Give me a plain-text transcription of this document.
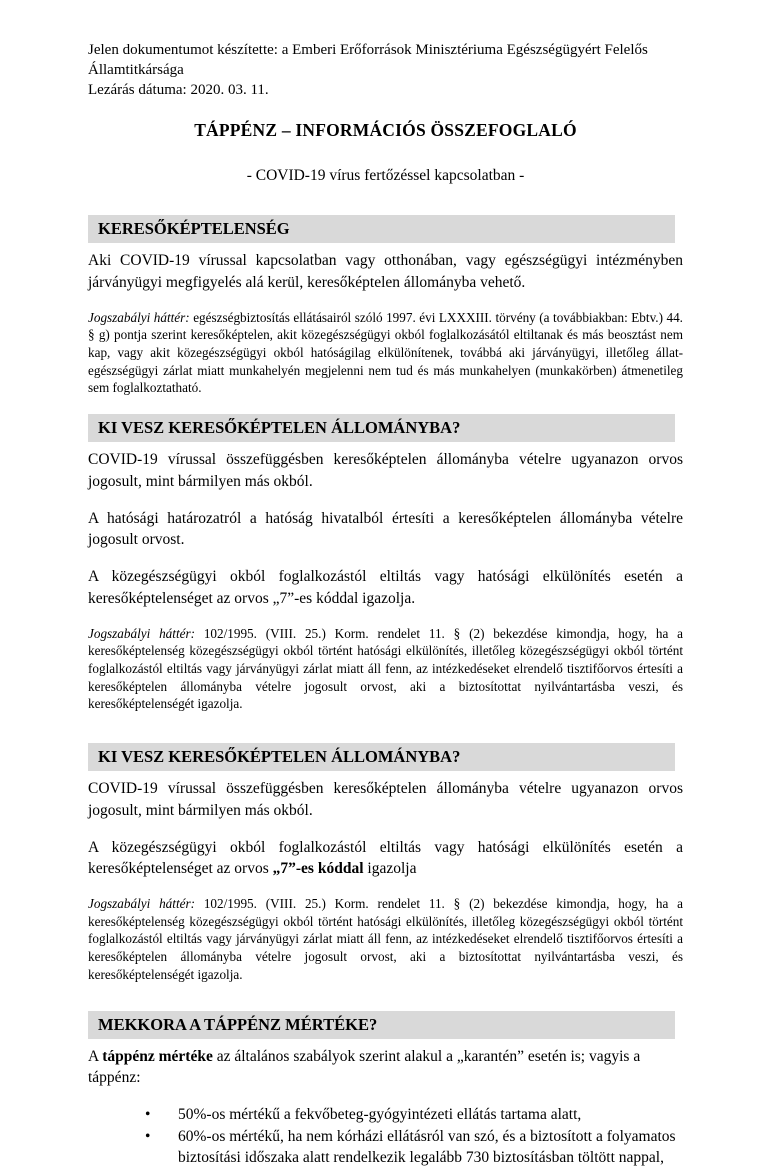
Jelen dokumentumot készítette: a Emberi Erőforrások Minisztériuma Egészségügyért Felelős Államtitkársága
Lezárás dátuma: 2020. 03. 11.
TÁPPÉNZ – INFORMÁCIÓS ÖSSZEFOGLALÓ
- COVID-19 vírus fertőzéssel kapcsolatban -
KERESŐKÉPTELENSÉG

Aki COVID-19 vírussal kapcsolatban vagy otthonában, vagy egészségügyi intézményben járványügyi megfigyelés alá kerül, keresőképtelen állományba vehető.

Jogszabályi háttér: egészségbiztosítás ellátásairól szóló 1997. évi LXXXIII. törvény (a továbbiakban: Ebtv.) 44. § g) pontja szerint keresőképtelen, akit közegészségügyi okból foglalkozásától eltiltanak és más beosztást nem kap, vagy akit közegészségügyi okból hatóságilag elkülönítenek, továbbá aki járványügyi, illetőleg állat-egészségügyi zárlat miatt munkahelyén megjelenni nem tud és más munkahelyen (munkakörben) átmenetileg sem foglalkoztatható.

KI VESZ KERESŐKÉPTELEN ÁLLOMÁNYBA?

COVID-19 vírussal összefüggésben keresőképtelen állományba vételre ugyanazon orvos jogosult, mint bármilyen más okból.

A hatósági határozatról a hatóság hivatalból értesíti a keresőképtelen állományba vételre jogosult orvost.

A közegészségügyi okból foglalkozástól eltiltás vagy hatósági elkülönítés esetén a keresőképtelenséget az orvos „7”-es kóddal igazolja.

Jogszabályi háttér: 102/1995. (VIII. 25.) Korm. rendelet 11. § (2) bekezdése kimondja, hogy, ha a keresőképtelenség közegészségügyi okból történt hatósági elkülönítés, illetőleg közegészségügyi okból történt foglalkozástól eltiltás vagy járványügyi zárlat miatt áll fenn, az intézkedéseket elrendelő tisztifőorvos értesíti a keresőképtelen állományba vételre jogosult orvost, aki a biztosítottat nyilvántartásba veszi, és keresőképtelenségét igazolja.

KI VESZ KERESŐKÉPTELEN ÁLLOMÁNYBA?

COVID-19 vírussal összefüggésben keresőképtelen állományba vételre ugyanazon orvos jogosult, mint bármilyen más okból.

A közegészségügyi okból foglalkozástól eltiltás vagy hatósági elkülönítés esetén a keresőképtelenséget az orvos „7”-es kóddal igazolja

Jogszabályi háttér: 102/1995. (VIII. 25.) Korm. rendelet 11. § (2) bekezdése kimondja, hogy, ha a keresőképtelenség közegészségügyi okból történt hatósági elkülönítés, illetőleg közegészségügyi okból történt foglalkozástól eltiltás vagy járványügyi zárlat miatt áll fenn, az intézkedéseket elrendelő tisztifőorvos értesíti a keresőképtelen állományba vételre jogosult orvost, aki a biztosítottat nyilvántartásba veszi, és keresőképtelenségét igazolja.

MEKKORA A TÁPPÉNZ MÉRTÉKE?

A táppénz mértéke az általános szabályok szerint alakul a „karantén” esetén is; vagyis a táppénz:

• 50%-os mértékű a fekvőbeteg-gyógyintézeti ellátás tartama alatt,
• 60%-os mértékű, ha nem kórházi ellátásról van szó, és a biztosított a folyamatos biztosítási időszaka alatt rendelkezik legalább 730 biztosításban töltött nappal,
